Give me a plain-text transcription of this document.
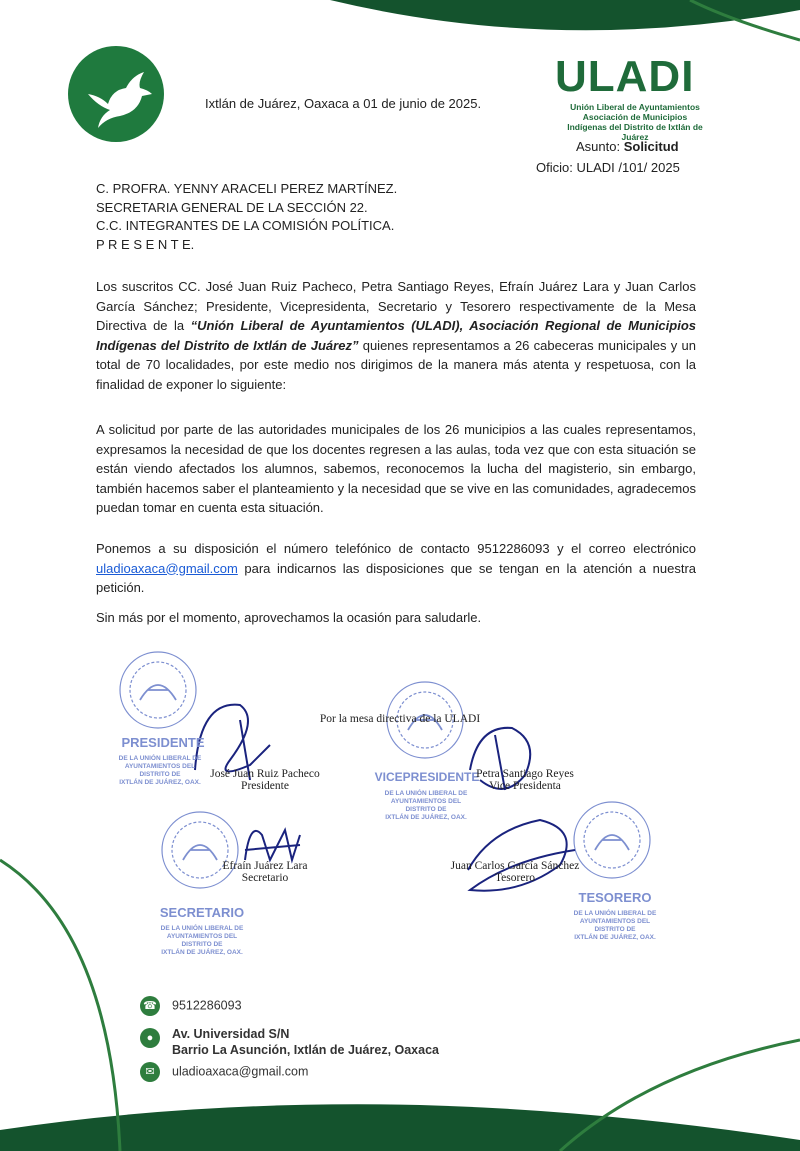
Ixtlán de Juárez, Oaxaca a 01 de junio de 2025.
ULADI
Unión Liberal de Ayuntamientos
Asociación de Municipios
Indígenas del Distrito de Ixtlán de
Juárez
Asunto: Solicitud
Oficio: ULADI /101/ 2025
C. PROFRA. YENNY ARACELI PEREZ MARTÍNEZ.
SECRETARIA GENERAL DE LA SECCIÓN 22.
C.C. INTEGRANTES DE LA COMISIÓN POLÍTICA.
P R E S E N T E.
Los suscritos CC. José Juan Ruiz Pacheco, Petra Santiago Reyes, Efraín Juárez Lara y Juan Carlos García Sánchez; Presidente, Vicepresidenta, Secretario y Tesorero respectivamente de la Mesa Directiva de la “Unión Liberal de Ayuntamientos (ULADI), Asociación Regional de Municipios Indígenas del Distrito de Ixtlán de Juárez” quienes representamos a 26 cabeceras municipales y un total de 70 localidades, por este medio nos dirigimos de la manera más atenta y respetuosa, con la finalidad de exponer lo siguiente:
A solicitud por parte de las autoridades municipales de los 26 municipios a las cuales representamos, expresamos la necesidad de que los docentes regresen a las aulas, toda vez que con esta situación se están viendo afectados los alumnos, sabemos, reconocemos la lucha del magisterio, sin embargo, también hacemos saber el planteamiento y la necesidad que se vive en las comunidades, agradecemos puedan tomar en cuenta esta situación.
Ponemos a su disposición el número telefónico de contacto 9512286093 y el correo electrónico uladioaxaca@gmail.com para indicarnos las disposiciones que se tengan en la atención a nuestra petición.
Sin más por el momento, aprovechamos la ocasión para saludarle.
PRESIDENTE
DE LA UNIÓN LIBERAL DE
AYUNTAMIENTOS DEL
DISTRITO DE
IXTLÁN DE JUÁREZ, OAX.	VICEPRESIDENTE
DE LA UNIÓN LIBERAL DE
AYUNTAMIENTOS DEL
DISTRITO DE
IXTLÁN DE JUÁREZ, OAX.
SECRETARIO
DE LA UNIÓN LIBERAL DE
AYUNTAMIENTOS DEL
DISTRITO DE
IXTLÁN DE JUÁREZ, OAX.
TESORERO
DE LA UNIÓN LIBERAL DE
AYUNTAMIENTOS DEL
DISTRITO DE
IXTLÁN DE JUÁREZ, OAX.
Por la mesa directiva de la ULADI
José Juan Ruiz Pacheco
Presidente
Petra Santiago Reyes
Vice Presidenta
Efraín Juárez Lara
Secretario
Juan Carlos García Sánchez
Tesorero
☎ 9512286093
● Av. Universidad S/N
Barrio La Asunción, Ixtlán de Juárez, Oaxaca
✉ uladioaxaca@gmail.com
